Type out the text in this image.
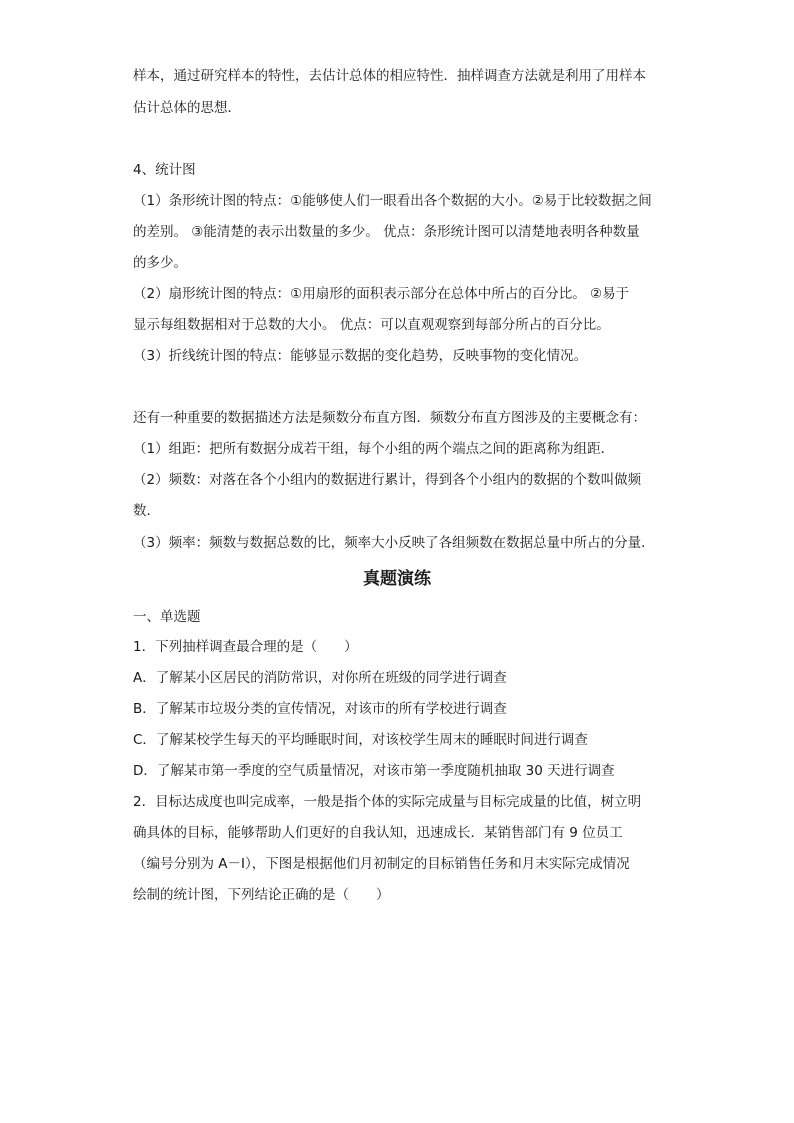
样本，通过研究样本的特性，去估计总体的相应特性．抽样调查方法就是利用了用样本
估计总体的思想．
4、统计图
（1）条形统计图的特点：①能够使人们一眼看出各个数据的大小。②易于比较数据之间
的差别。 ③能清楚的表示出数量的多少。 优点：条形统计图可以清楚地表明各种数量
的多少。
（2）扇形统计图的特点：①用扇形的面积表示部分在总体中所占的百分比。 ②易于
显示每组数据相对于总数的大小。 优点：可以直观观察到每部分所占的百分比。
（3）折线统计图的特点：能够显示数据的变化趋势，反映事物的变化情况。
还有一种重要的数据描述方法是频数分布直方图．频数分布直方图涉及的主要概念有：
（1）组距：把所有数据分成若干组，每个小组的两个端点之间的距离称为组距．
（2）频数：对落在各个小组内的数据进行累计，得到各个小组内的数据的个数叫做频
数．
（3）频率：频数与数据总数的比，频率大小反映了各组频数在数据总量中所占的分量．
真题演练
一、单选题
1．下列抽样调查最合理的是（　　）
A．了解某小区居民的消防常识，对你所在班级的同学进行调查
B．了解某市垃圾分类的宣传情况，对该市的所有学校进行调查
C．了解某校学生每天的平均睡眠时间，对该校学生周末的睡眠时间进行调查
D．了解某市第一季度的空气质量情况，对该市第一季度随机抽取 30 天进行调查
2．目标达成度也叫完成率，一般是指个体的实际完成量与目标完成量的比值，树立明
确具体的目标，能够帮助人们更好的自我认知，迅速成长．某销售部门有 9 位员工
（编号分别为 A－I），下图是根据他们月初制定的目标销售任务和月末实际完成情况
绘制的统计图，下列结论正确的是（　　）
